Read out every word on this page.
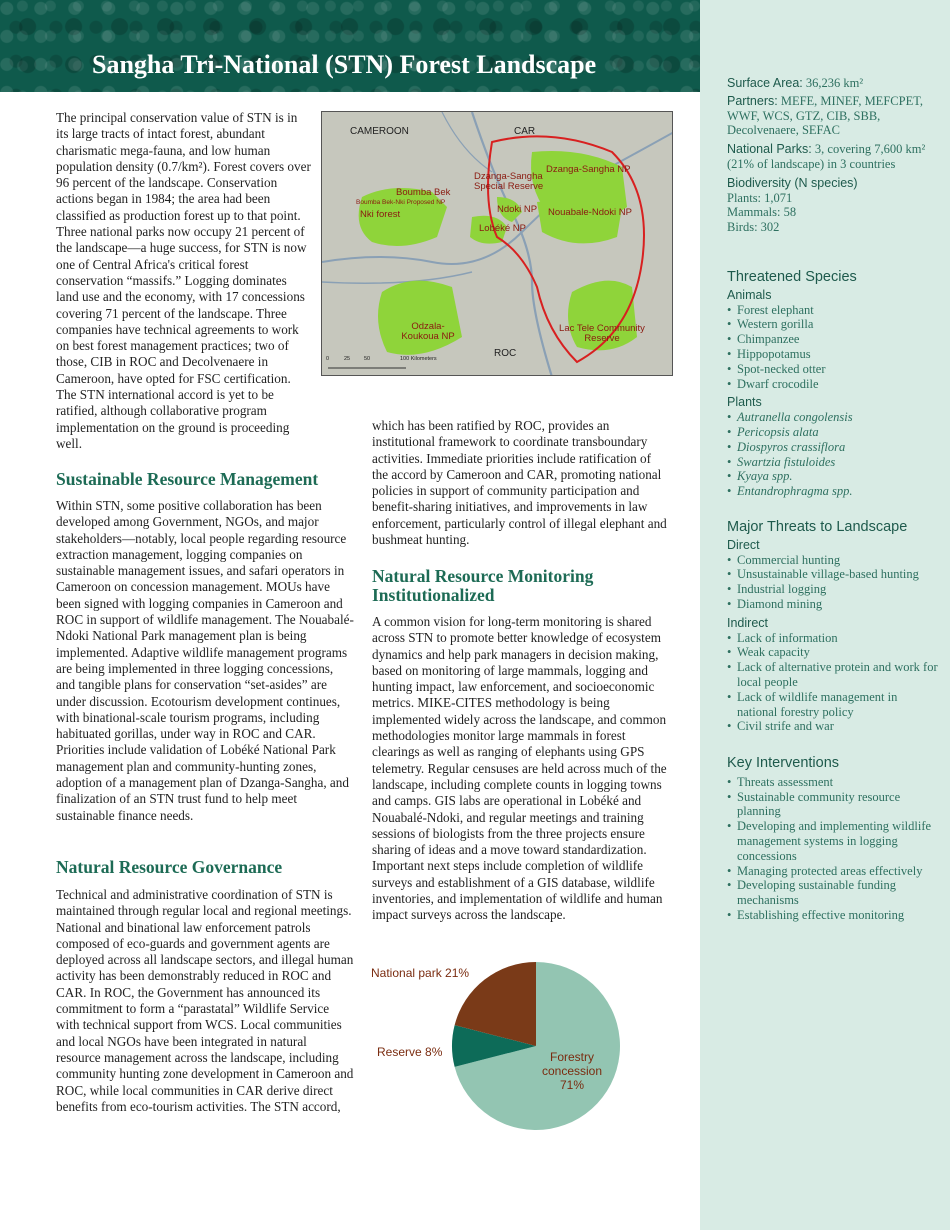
Sangha Tri-National (STN) Forest Landscape

The principal conservation value of STN is in its large tracts of intact forest, abundant charismatic mega-fauna, and low human population density (0.7/km²). Forest covers over 96 percent of the landscape. Conservation actions began in 1984; the area had been classified as production forest up to that point. Three national parks now occupy 21 percent of the landscape—a huge success, for STN is now one of Central Africa's critical forest conservation “massifs.” Logging dominates land use and the economy, with 17 concessions covering 71 percent of the landscape. Three companies have technical agreements to work on best forest management practices; two of those, CIB in ROC and Decolvenaere in Cameroon, have opted for FSC certification. The STN international accord is yet to be ratified, although collaborative program implementation on the ground is proceeding well.

CAMEROON	CAR
ROC
Dzanga-Sangha NP
Dzanga-Sangha Special Reserve
Boumba Bek
Boumba Bek-Nki Proposed NP
Nki forest	Ndoki NP Nouabale-Ndoki NP
Lobéké NP
Odzala-Koukoua NP
Lac Tele Community Reserve
0	25	50	100 Kilometers
Sustainable Resource Management

Within STN, some positive collaboration has been developed among Government, NGOs, and major stakeholders—notably, local people regarding resource extraction management, logging companies on sustainable management issues, and safari operators in Cameroon on concession management. MOUs have been signed with logging companies in Cameroon and ROC in support of wildlife management. The Nouabalé-Ndoki National Park management plan is being implemented. Adaptive wildlife management programs are being implemented in three logging concessions, and tangible plans for conservation “set-asides” are under discussion. Ecotourism development continues, with binational-scale tourism programs, including habituated gorillas, under way in ROC and CAR. Priorities include validation of Lobéké National Park management plan and community-hunting zones, adoption of a management plan of Dzanga-Sangha, and finalization of an STN trust fund to help meet sustainable finance needs.

Natural Resource Governance

Technical and administrative coordination of STN is maintained through regular local and regional meetings. National and binational law enforcement patrols composed of eco-guards and government agents are deployed across all landscape sectors, and illegal human activity has been demonstrably reduced in ROC and CAR. In ROC, the Government has announced its commitment to form a “parastatal” Wildlife Service with technical support from WCS. Local communities and local NGOs have been integrated in natural resource management across the landscape, including community hunting zone development in Cameroon and ROC, while local communities in CAR derive direct benefits from eco-tourism activities. The STN accord,

which has been ratified by ROC, provides an institutional framework to coordinate transboundary activities. Immediate priorities include ratification of the accord by Cameroon and CAR, promoting national policies in support of community participation and benefit-sharing initiatives, and improvements in law enforcement, particularly control of illegal elephant and bushmeat hunting.

Natural Resource Monitoring Institutionalized

A common vision for long-term monitoring is shared across STN to promote better knowledge of ecosystem dynamics and help park managers in decision making, based on monitoring of large mammals, logging and hunting impact, law enforcement, and socioeconomic metrics. MIKE-CITES methodology is being implemented widely across the landscape, and common methodologies monitor large mammals in forest clearings as well as ranging of elephants using GPS telemetry. Regular censuses are held across much of the landscape, including complete counts in logging towns and camps. GIS labs are operational in Lobéké and Nouabalé-Ndoki, and regular meetings and training sessions of biologists from the three projects ensure sharing of ideas and a move toward standardization. Important next steps include completion of wildlife surveys and establishment of a GIS database, wildlife inventories, and implementation of wildlife and human impact surveys across the landscape.

National park 21%
Reserve 8%	Forestry
concession
71%
Surface Area: 36,236 km²
Partners: MEFE, MINEF, MEFCPET, WWF, WCS, GTZ, CIB, SBB, Decolvenaere, SEFAC
National Parks: 3, covering 7,600 km² (21% of landscape) in 3 countries
Biodiversity (N species)
Plants: 1,071
Mammals: 58
Birds: 302
Threatened Species
Animals
• Forest elephant
• Western gorilla
• Chimpanzee
• Hippopotamus
• Spot-necked otter
• Dwarf crocodile
Plants
• Autranella congolensis
• Pericopsis alata
• Diospyros crassiflora
• Swartzia fistuloides
• Kyaya spp.
• Entandrophragma spp.
Major Threats to Landscape
Direct
• Commercial hunting
• Unsustainable village-based hunting
• Industrial logging
• Diamond mining
Indirect
• Lack of information
• Weak capacity
• Lack of alternative protein and work for local people
• Lack of wildlife management in national forestry policy
• Civil strife and war
Key Interventions
• Threats assessment
• Sustainable community resource planning
• Developing and implementing wildlife management systems in logging concessions
• Managing protected areas effectively
• Developing sustainable funding mechanisms
• Establishing effective monitoring
